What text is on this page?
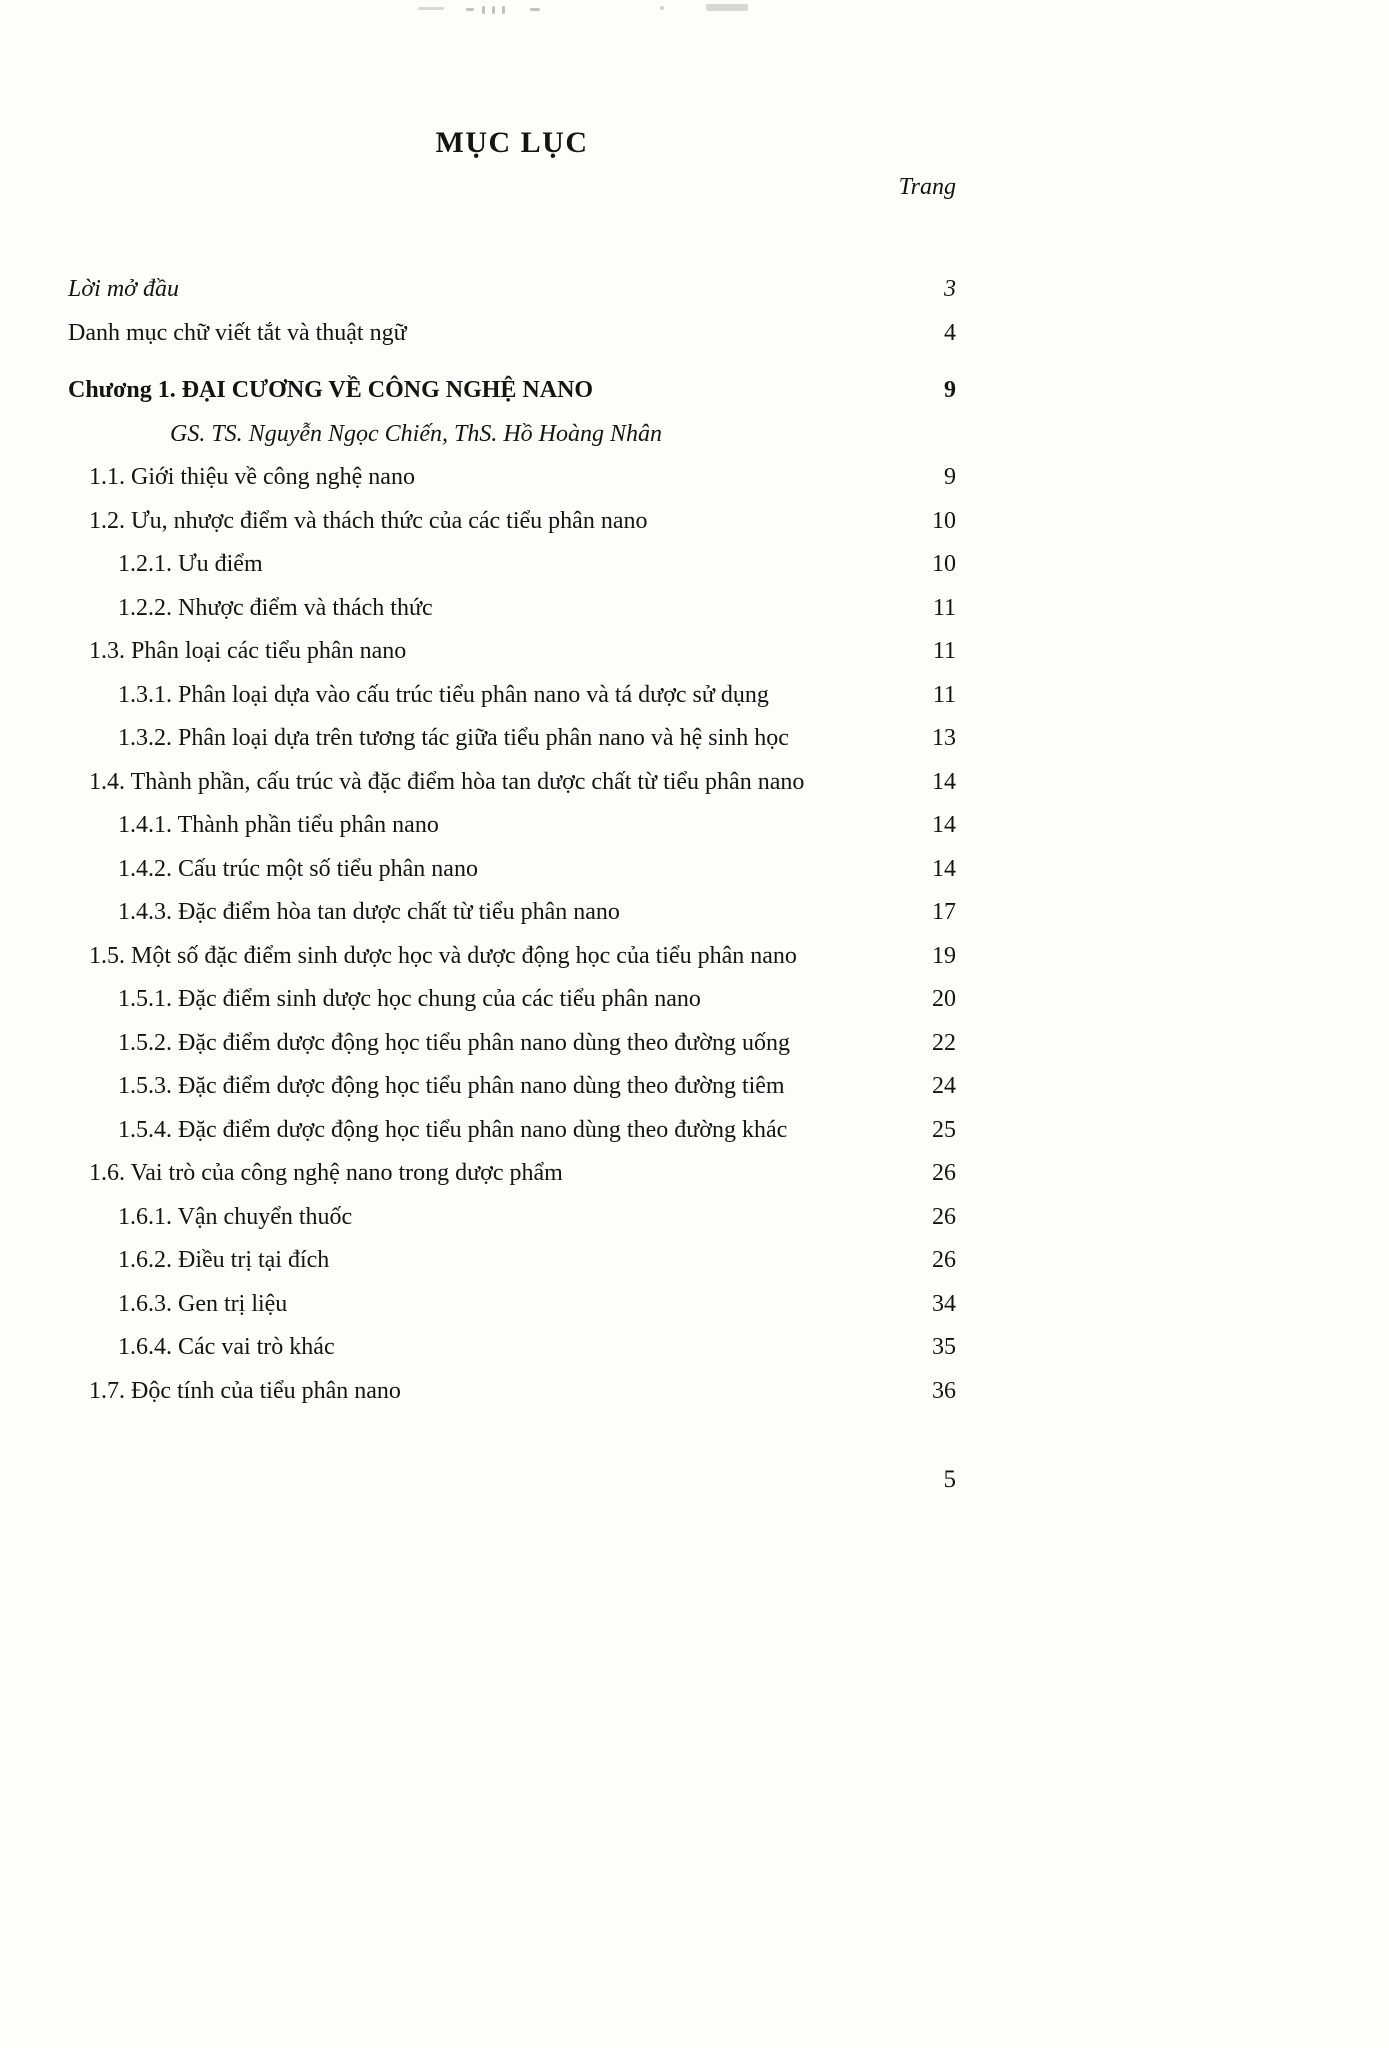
MỤC LỤC
Trang
Lời mở đầu	3
Danh mục chữ viết tắt và thuật ngữ	4
Chương 1. ĐẠI CƯƠNG VỀ CÔNG NGHỆ NANO	9
GS. TS. Nguyễn Ngọc Chiến, ThS. Hồ Hoàng Nhân
1.1. Giới thiệu về công nghệ nano	9
1.2. Ưu, nhược điểm và thách thức của các tiểu phân nano	10
1.2.1. Ưu điểm	10
1.2.2. Nhược điểm và thách thức	11
1.3. Phân loại các tiểu phân nano	11
1.3.1. Phân loại dựa vào cấu trúc tiểu phân nano và tá dược sử dụng	11
1.3.2. Phân loại dựa trên tương tác giữa tiểu phân nano và hệ sinh học	13
1.4. Thành phần, cấu trúc và đặc điểm hòa tan dược chất từ tiểu phân nano	14
1.4.1. Thành phần tiểu phân nano	14
1.4.2. Cấu trúc một số tiểu phân nano	14
1.4.3. Đặc điểm hòa tan dược chất từ tiểu phân nano	17
1.5. Một số đặc điểm sinh dược học và dược động học của tiểu phân nano	19
1.5.1. Đặc điểm sinh dược học chung của các tiểu phân nano	20
1.5.2. Đặc điểm dược động học tiểu phân nano dùng theo đường uống	22
1.5.3. Đặc điểm dược động học tiểu phân nano dùng theo đường tiêm	24
1.5.4. Đặc điểm dược động học tiểu phân nano dùng theo đường khác	25
1.6. Vai trò của công nghệ nano trong dược phẩm	26
1.6.1. Vận chuyển thuốc	26
1.6.2. Điều trị tại đích	26
1.6.3. Gen trị liệu	34
1.6.4. Các vai trò khác	35
1.7. Độc tính của tiểu phân nano	36
5
